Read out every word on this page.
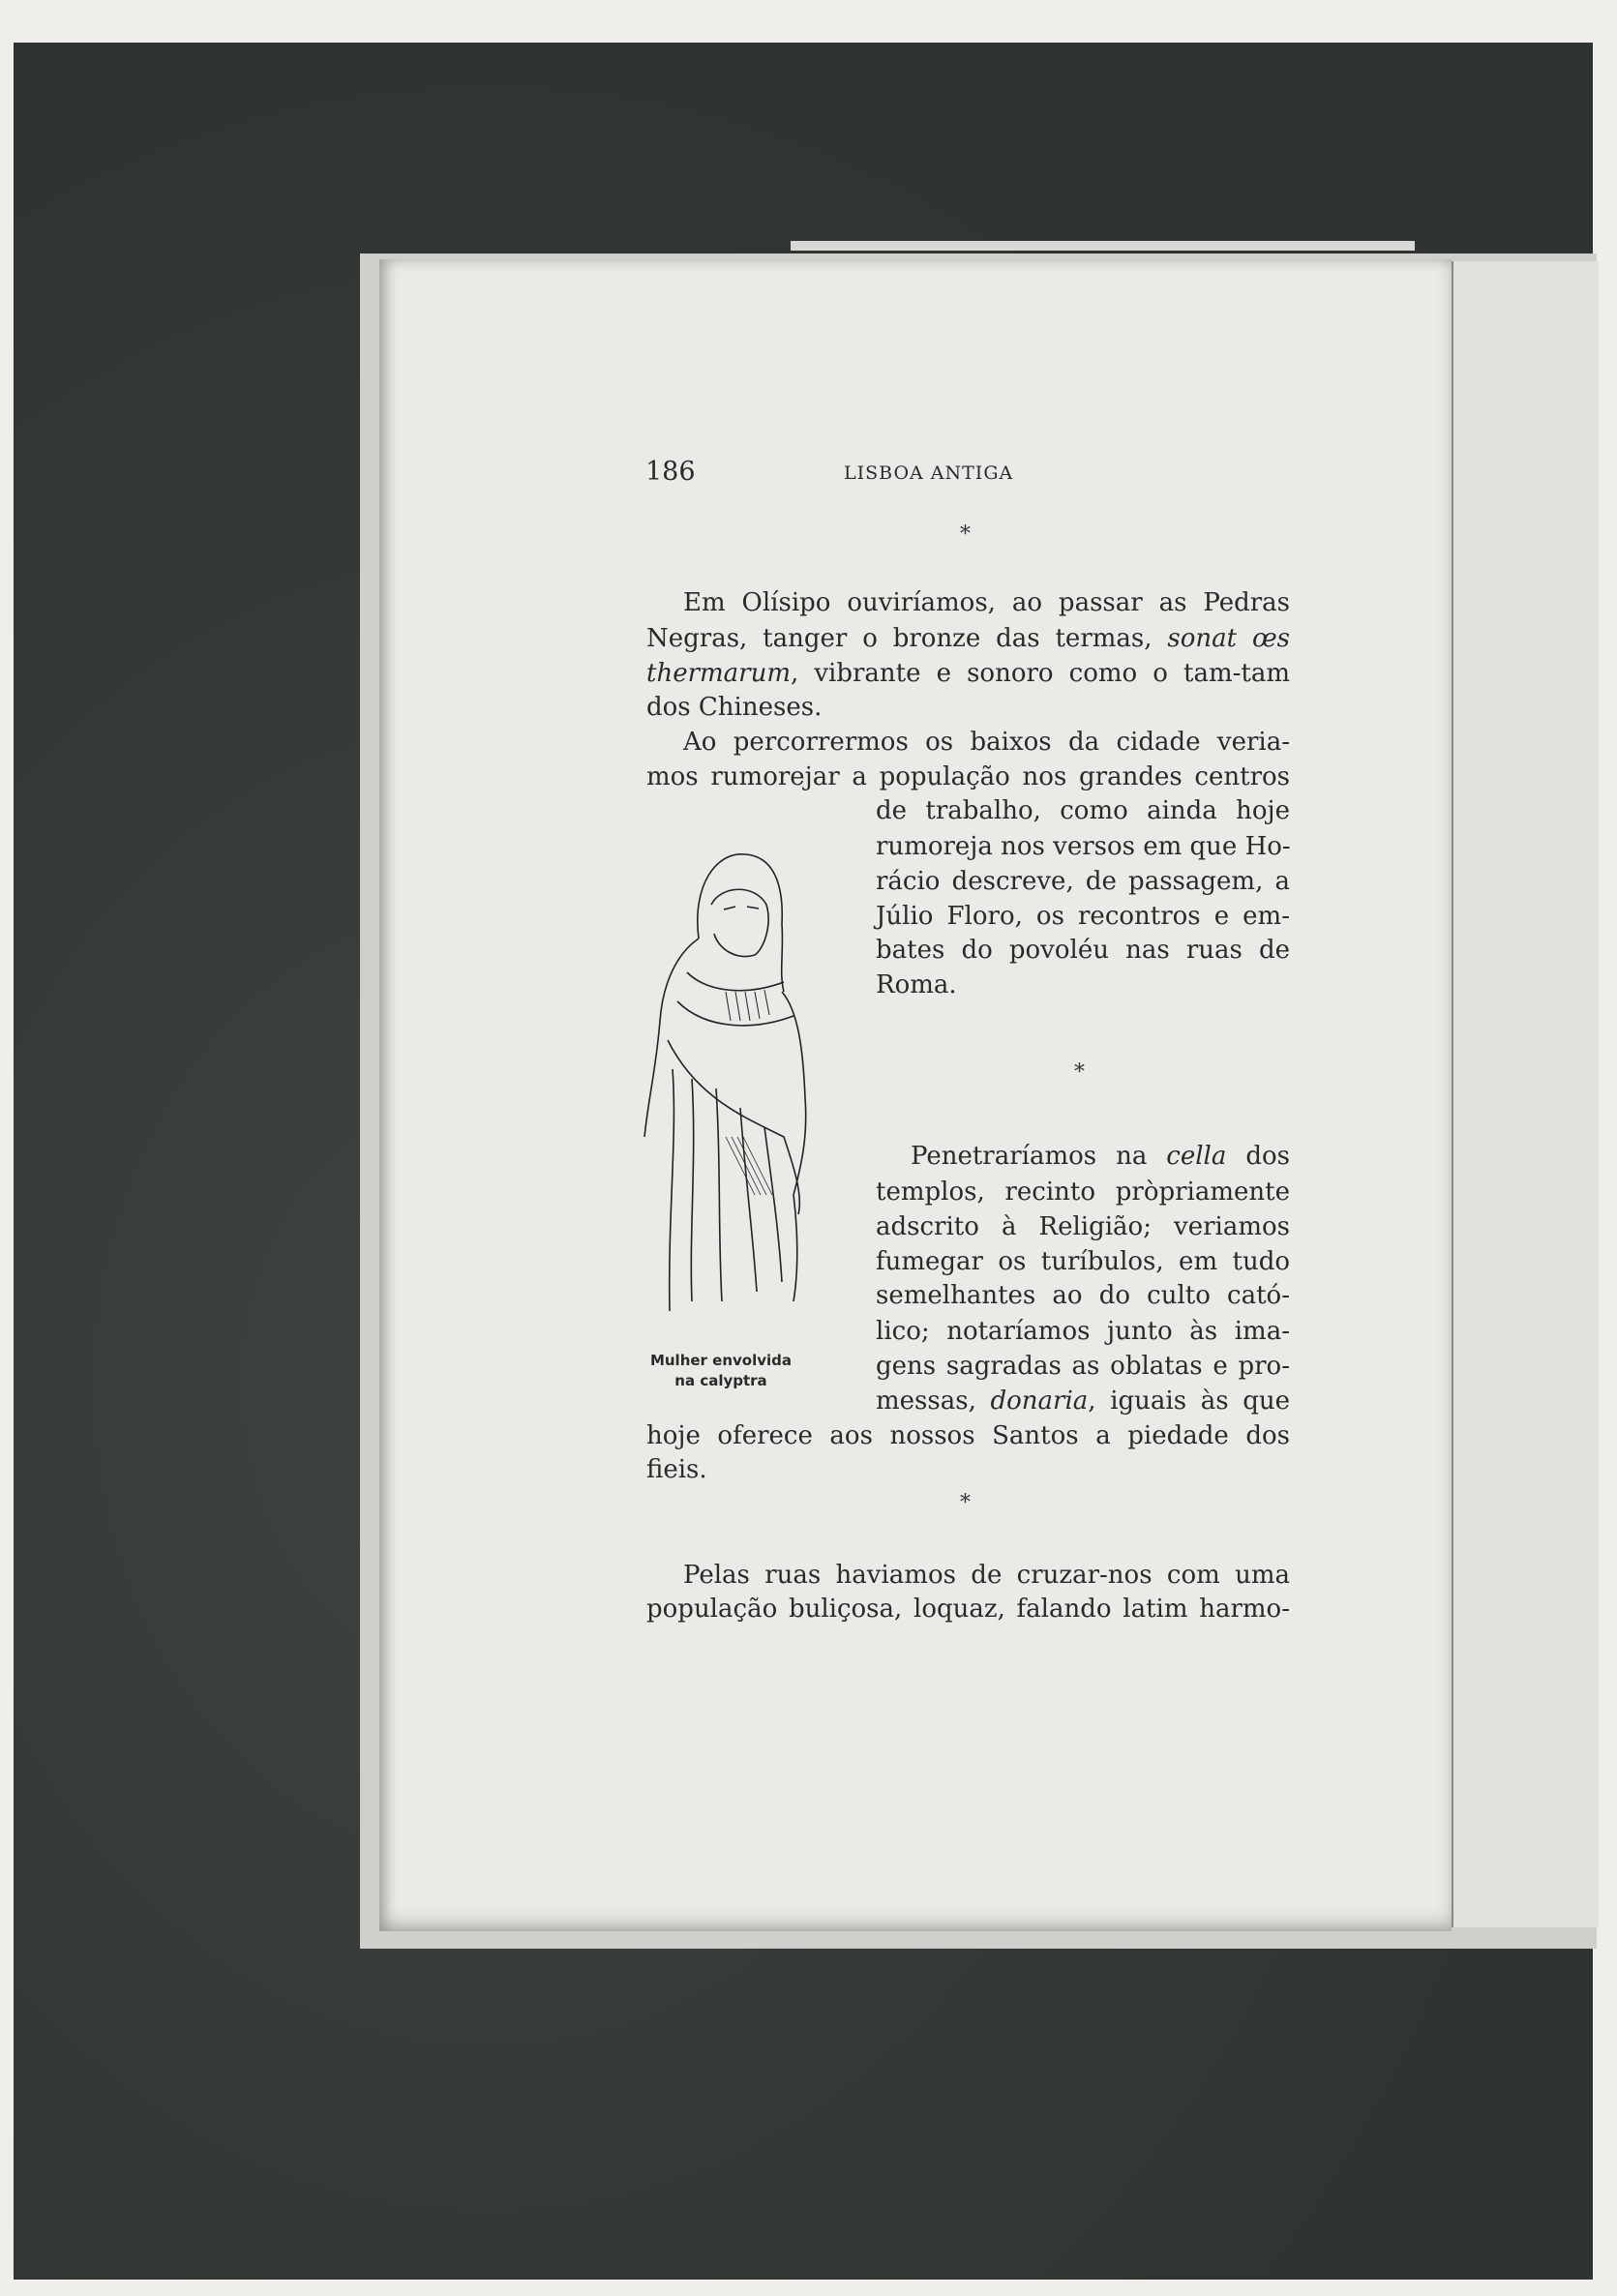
186	LISBOA ANTIGA
*
Em Olísipo ouviríamos, ao passar as Pedras
Negras, tanger o bronze das termas, sonat œs
thermarum, vibrante e sonoro como o tam-tam
dos Chineses.
Ao percorrermos os baixos da cidade veria-
mos rumorejar a população nos grandes centros
de trabalho, como ainda hoje
rumoreja nos versos em que Ho-
rácio descreve, de passagem, a
Júlio Floro, os recontros e em-
bates do povoléu nas ruas de
Roma.
*
Penetraríamos na cella dos
templos, recinto pròpriamente
adscrito à Religião; veriamos
fumegar os turíbulos, em tudo
semelhantes ao do culto cató-
lico; notaríamos junto às ima-
gens sagradas as oblatas e pro-
messas, donaria, iguais às que
hoje oferece aos nossos Santos a piedade dos
fieis.
*
Pelas ruas haviamos de cruzar-nos com uma
população buliçosa, loquaz, falando latim harmo-
Mulher envolvida
na calyptra
